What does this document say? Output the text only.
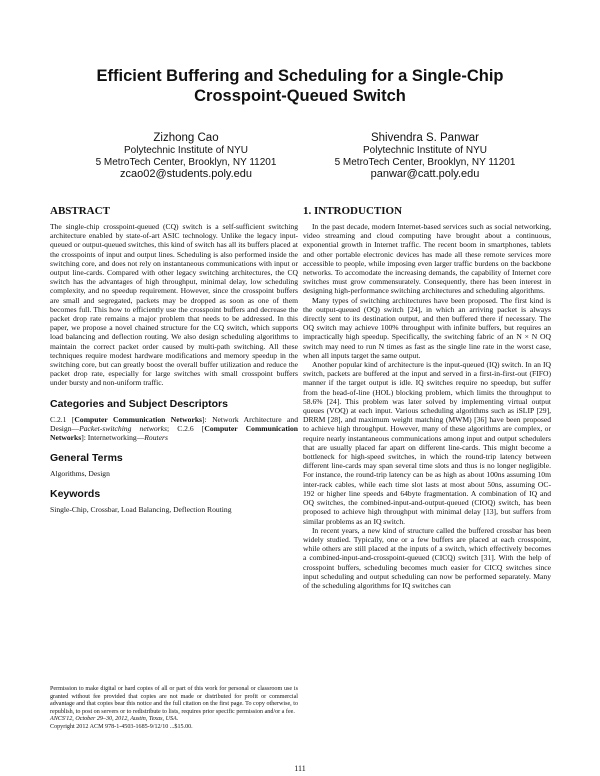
Efficient Buffering and Scheduling for a Single-Chip
Crosspoint-Queued Switch
Zizhong Cao
Polytechnic Institute of NYU
5 MetroTech Center, Brooklyn, NY 11201
zcao02@students.poly.edu
Shivendra S. Panwar
Polytechnic Institute of NYU
5 MetroTech Center, Brooklyn, NY 11201
panwar@catt.poly.edu
ABSTRACT

The single-chip crosspoint-queued (CQ) switch is a self-sufficient switching architecture enabled by state-of-art ASIC technology. Unlike the legacy input-queued or output-queued switches, this kind of switch has all its buffers placed at the crosspoints of input and output lines. Scheduling is also performed inside the switching core, and does not rely on instantaneous communications with input or output line-cards. Compared with other legacy switching architectures, the CQ switch has the advantages of high throughput, minimal delay, low scheduling complexity, and no speedup requirement. However, since the crosspoint buffers are small and segregated, packets may be dropped as soon as one of them becomes full. This how to efficiently use the crosspoint buffers and decrease the packet drop rate remains a major problem that needs to be addressed. In this paper, we propose a novel chained structure for the CQ switch, which supports load balancing and deflection routing. We also design scheduling algorithms to maintain the correct packet order caused by multi-path switching. All these techniques require modest hardware modifications and memory speedup in the switching core, but can greatly boost the overall buffer utilization and reduce the packet drop rate, especially for large switches with small crosspoint buffers under bursty and non-uniform traffic.

Categories and Subject Descriptors

C.2.1 [Computer Communication Networks]: Network Architecture and Design—Packet-switching networks; C.2.6 [Computer Communication Networks]: Internetworking—Routers

General Terms

Algorithms, Design

Keywords

Single-Chip, Crossbar, Load Balancing, Deflection Routing

Permission to make digital or hard copies of all or part of this work for personal or classroom use is granted without fee provided that copies are not made or distributed for profit or commercial advantage and that copies bear this notice and the full citation on the first page. To copy otherwise, to republish, to post on servers or to redistribute to lists, requires prior specific permission and/or a fee.
ANCS'12, October 29–30, 2012, Austin, Texas, USA.
Copyright 2012 ACM 978-1-4503-1685-9/12/10 ...$15.00.
1. INTRODUCTION

In the past decade, modern Internet-based services such as social networking, video streaming and cloud computing have brought about a continuous, exponential growth in Internet traffic. The recent boom in smartphones, tablets and other portable electronic devices has made all these remote services more accessible to people, while imposing even larger traffic burdens on the backbone networks. To accomodate the increasing demands, the capability of Internet core switches must grow commensurately. Consequently, there has been interest in designing high-performance switching architectures and scheduling algorithms.

Many types of switching architectures have been proposed. The first kind is the output-queued (OQ) switch [24], in which an arriving packet is always directly sent to its destination output, and then buffered there if necessary. The OQ switch may achieve 100% throughput with infinite buffers, but requires an impractically high speedup. Specifically, the switching fabric of an N × N OQ switch may need to run N times as fast as the single line rate in the worst case, when all inputs target the same output.

Another popular kind of architecture is the input-queued (IQ) switch. In an IQ switch, packets are buffered at the input and served in a first-in-first-out (FIFO) manner if the target output is idle. IQ switches require no speedup, but suffer from the head-of-line (HOL) blocking problem, which limits the throughput to 58.6% [24]. This problem was later solved by implementing virtual output queues (VOQ) at each input. Various scheduling algorithms such as iSLIP [29], DRRM [28], and maximum weight matching (MWM) [36] have been proposed to achieve high throughput. However, many of these algorithms are complex, or require nearly instantaneous communications among input and output schedulers that are usually placed far apart on different line-cards. This might become a bottleneck for high-speed switches, in which the round-trip latency between different line-cards may span several time slots and thus is no longer negligible. For instance, the round-trip latency can be as high as about 100ns assuming 10m inter-rack cables, while each time slot lasts at most about 50ns, assuming OC-192 or higher line speeds and 64byte fragmentation. A combination of IQ and OQ switches, the combined-input-and-output-queued (CIOQ) switch, has been proposed to achieve high throughput with minimal delay [13], but suffers from similar problems as an IQ switch.

In recent years, a new kind of structure called the buffered crossbar has been widely studied. Typically, one or a few buffers are placed at each crosspoint, while others are still placed at the inputs of a switch, which effectively becomes a combined-input-and-crosspoint-queued (CICQ) switch [31]. With the help of crosspoint buffers, scheduling becomes much easier for CICQ switches since input scheduling and output scheduling can now be performed separately. Many of the scheduling algorithms for IQ switches can

111
